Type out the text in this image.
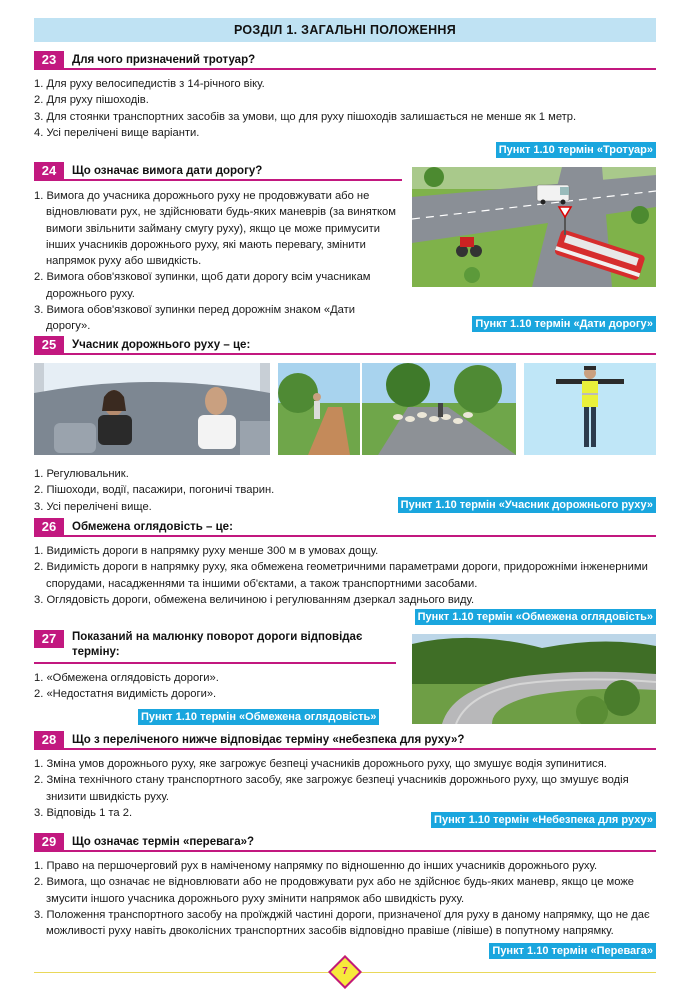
РОЗДІЛ 1. ЗАГАЛЬНІ ПОЛОЖЕННЯ
23	Для чого призначений тротуар?
1. Для руху велосипедистів з 14-річного віку.
2. Для руху пішоходів.
3. Для стоянки транспортних засобів за умови, що для руху пішоходів залишається не менше як 1 метр.
4. Усі перелічені вище варіанти.
Пункт 1.10 термін «Тротуар»
24	Що означає вимога дати дорогу?
1. Вимога до учасника дорожнього руху не продовжувати або не відновлювати рух, не здійснювати будь-яких маневрів (за винятком вимоги звільнити займану смугу руху), якщо це може примусити інших учасників дорожнього руху, які мають перевагу, змінити напрямок руху або швидкість.
2. Вимога обов'язкової зупинки, щоб дати дорогу всім учасникам дорожнього руху.
3. Вимога обов'язкової зупинки перед дорожнім знаком «Дати дорогу».	Пункт 1.10 термін «Дати дорогу»
25	Учасник дорожнього руху – це:
1. Регулювальник.
2. Пішоходи, водії, пасажири, погоничі тварин.
3. Усі перелічені вище.	Пункт 1.10 термін «Учасник дорожнього руху»
26	Обмежена оглядовість – це:
1. Видимість дороги в напрямку руху менше 300 м в умовах дощу.
2. Видимість дороги в напрямку руху, яка обмежена геометричними параметрами дороги, придорожніми інженерними спорудами, насадженнями та іншими об'єктами, а також транспортними засобами.
3. Оглядовість дороги, обмежена величиною і регулюванням дзеркал заднього виду.
Пункт 1.10 термін «Обмежена оглядовість»
27	Показаний на малюнку поворот дороги відповідає терміну:
1. «Обмежена оглядовість дороги».
2. «Недостатня видимість дороги».
Пункт 1.10 термін «Обмежена оглядовість»
28	Що з переліченого нижче відповідає терміну «небезпека для руху»?
1. Зміна умов дорожнього руху, яке загрожує безпеці учасників дорожнього руху, що змушує водія зупинитися.
2. Зміна технічного стану транспортного засобу, яке загрожує безпеці учасників дорожнього руху, що змушує водія знизити швидкість руху.
3. Відповідь 1 та 2.
Пункт 1.10 термін «Небезпека для руху»
29	Що означає термін «перевага»?
1. Право на першочерговий рух в наміченому напрямку по відношенню до інших учасників дорожнього руху.
2. Вимога, що означає не відновлювати або не продовжувати рух або не здійснює будь-яких маневр, якщо це може змусити іншого учасника дорожнього руху змінити напрямок або швидкість руху.
3. Положення транспортного засобу на проїжджій частині дороги, призначеної для руху в даному напрямку, що не дає можливості руху навіть двоколісних транспортних засобів відповідно правіше (лівіше) в попутному напрямку.
Пункт 1.10 термін «Перевага»
7
